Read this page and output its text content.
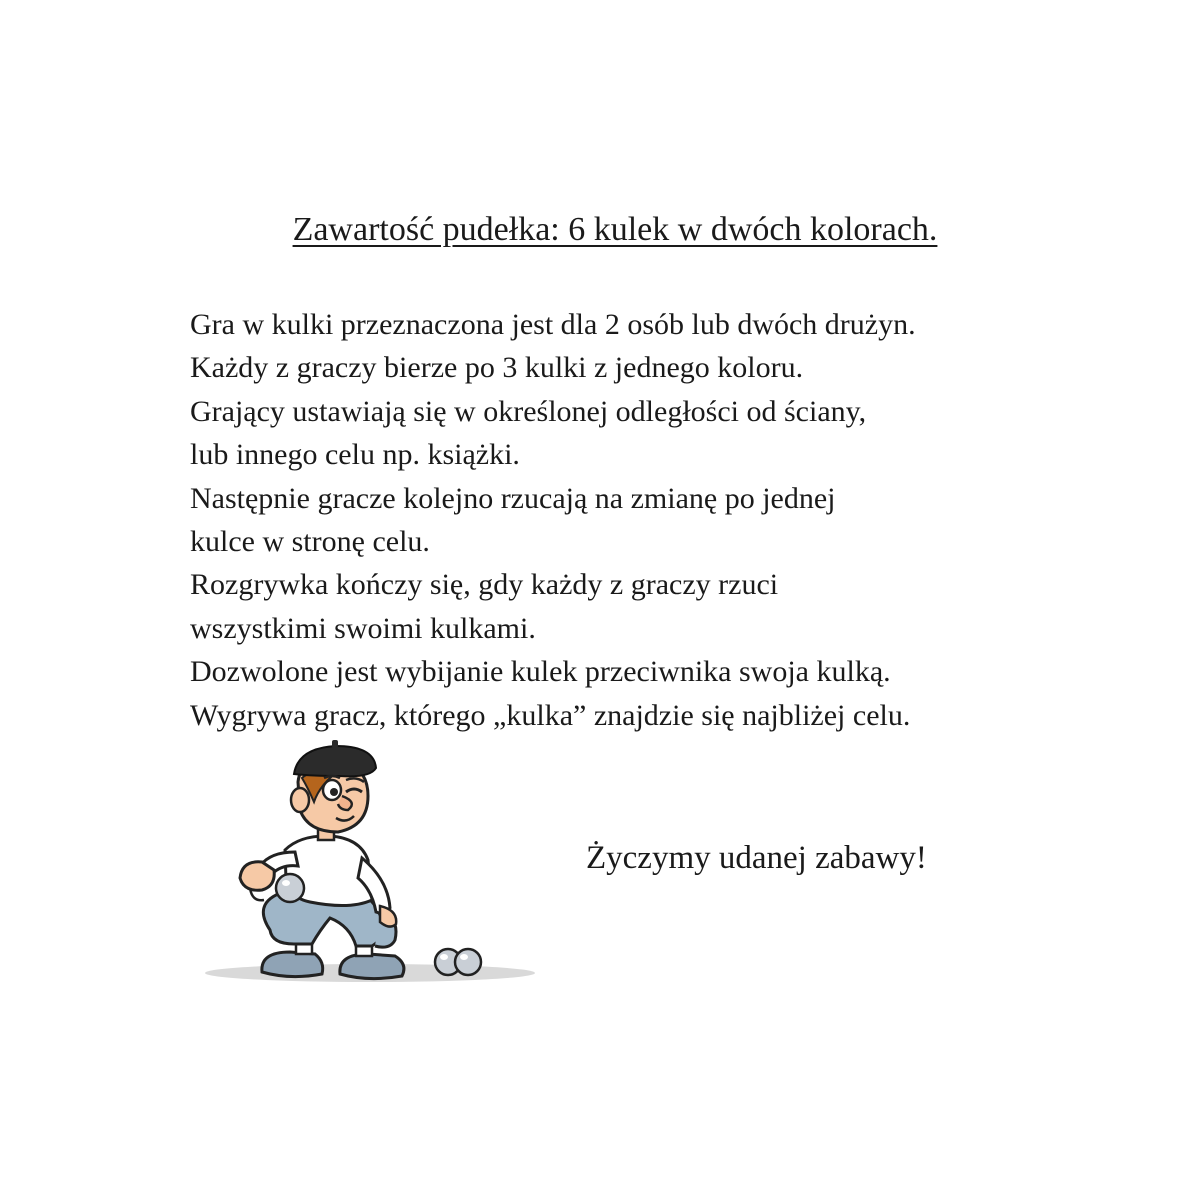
Zawartość pudełka: 6 kulek w dwóch kolorach.
Gra w kulki przeznaczona jest dla 2 osób lub dwóch drużyn.
Każdy z graczy bierze po 3 kulki z jednego koloru.
Grający ustawiają się w określonej odległości od ściany,
lub innego celu np. książki.
Następnie gracze kolejno rzucają na zmianę po jednej
kulce w stronę celu.
Rozgrywka kończy się, gdy każdy z graczy rzuci
wszystkimi swoimi kulkami.
Dozwolone jest wybijanie kulek przeciwnika swoja kulką.
Wygrywa gracz, którego „kulka” znajdzie się najbliżej celu.

Życzymy udanej zabawy!
